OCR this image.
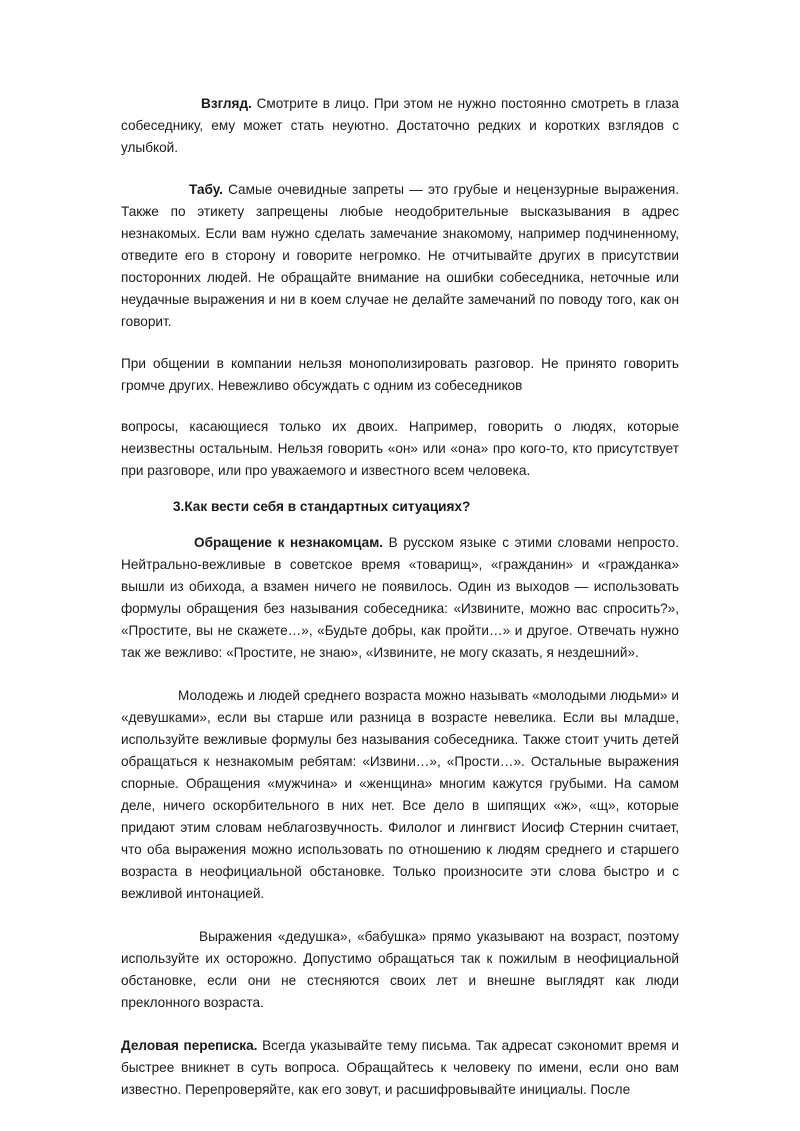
Взгляд. Смотрите в лицо. При этом не нужно постоянно смотреть в глаза собеседнику, ему может стать неуютно. Достаточно редких и коротких взглядов с улыбкой.

Табу. Самые очевидные запреты — это грубые и нецензурные выражения. Также по этикету запрещены любые неодобрительные высказывания в адрес незнакомых. Если вам нужно сделать замечание знакомому, например подчиненному, отведите его в сторону и говорите негромко. Не отчитывайте других в присутствии посторонних людей. Не обращайте внимание на ошибки собеседника, неточные или неудачные выражения и ни в коем случае не делайте замечаний по поводу того, как он говорит.

При общении в компании нельзя монополизировать разговор. Не принято говорить громче других. Невежливо обсуждать с одним из собеседников

вопросы, касающиеся только их двоих. Например, говорить о людях, которые неизвестны остальным. Нельзя говорить «он» или «она» про кого-то, кто присутствует при разговоре, или про уважаемого и известного всем человека.

3.Как вести себя в стандартных ситуациях?

Обращение к незнакомцам. В русском языке с этими словами непросто. Нейтрально-вежливые в советское время «товарищ», «гражданин» и «гражданка» вышли из обихода, а взамен ничего не появилось. Один из выходов — использовать формулы обращения без называния собеседника: «Извините, можно вас спросить?», «Простите, вы не скажете…», «Будьте добры, как пройти…» и другое. Отвечать нужно так же вежливо: «Простите, не знаю», «Извините, не могу сказать, я нездешний».

Молодежь и людей среднего возраста можно называть «молодыми людьми» и «девушками», если вы старше или разница в возрасте невелика. Если вы младше, используйте вежливые формулы без называния собеседника. Также стоит учить детей обращаться к незнакомым ребятам: «Извини…», «Прости…». Остальные выражения спорные. Обращения «мужчина» и «женщина» многим кажутся грубыми. На самом деле, ничего оскорбительного в них нет. Все дело в шипящих «ж», «щ», которые придают этим словам неблагозвучность. Филолог и лингвист Иосиф Стернин считает, что оба выражения можно использовать по отношению к людям среднего и старшего возраста в неофициальной обстановке. Только произносите эти слова быстро и с вежливой интонацией.

Выражения «дедушка», «бабушка» прямо указывают на возраст, поэтому используйте их осторожно. Допустимо обращаться так к пожилым в неофициальной обстановке, если они не стесняются своих лет и внешне выглядят как люди преклонного возраста.

Деловая переписка. Всегда указывайте тему письма. Так адресат сэкономит время и быстрее вникнет в суть вопроса. Обращайтесь к человеку по имени, если оно вам известно. Перепроверяйте, как его зовут, и расшифровывайте инициалы. После
